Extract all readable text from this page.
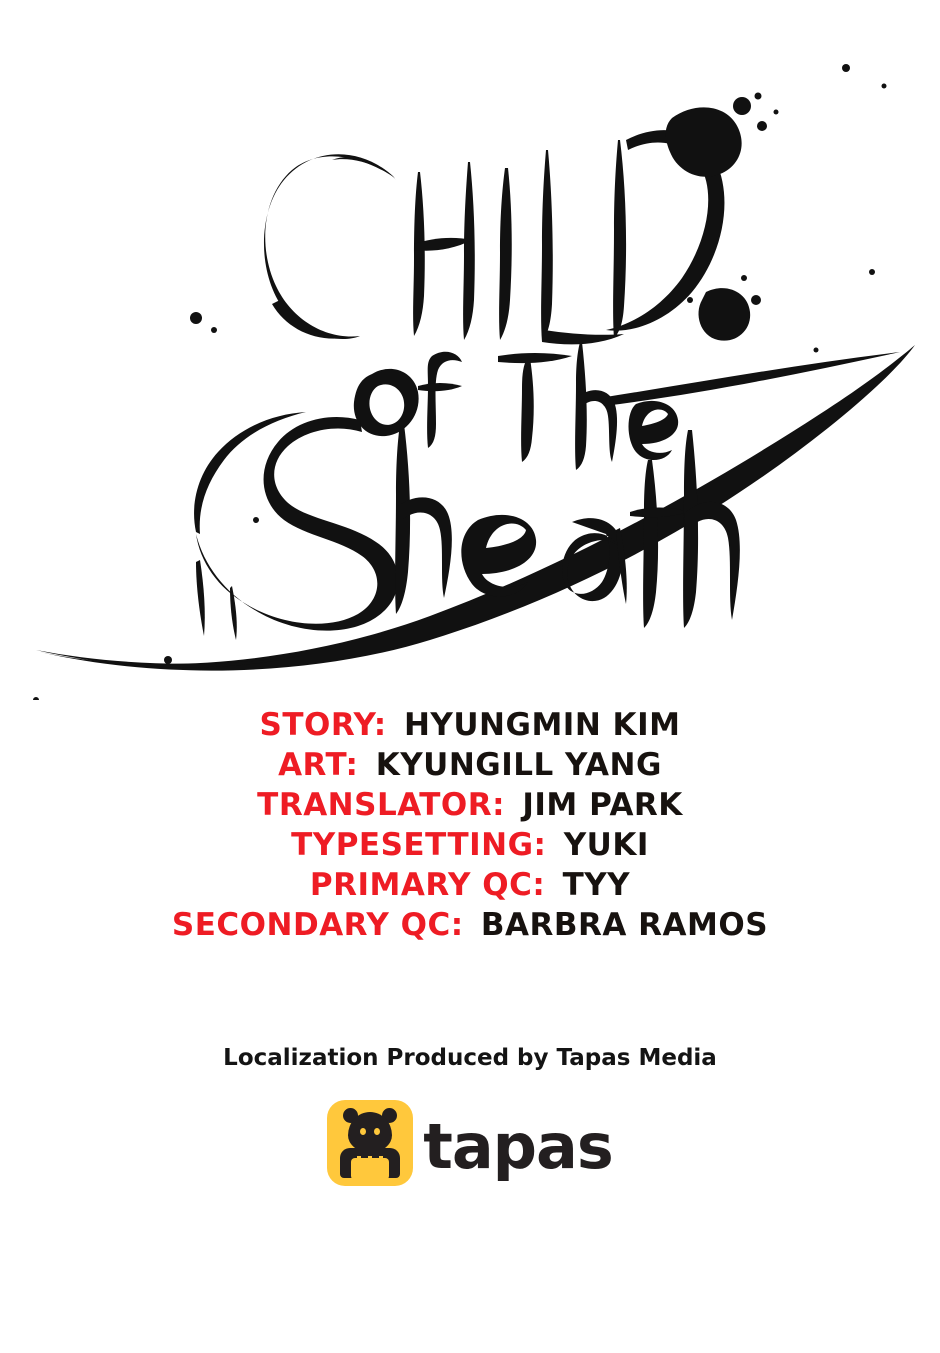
STORY: HYUNGMIN KIM
ART: KYUNGILL YANG
TRANSLATOR: JIM PARK
TYPESETTING: YUKI
PRIMARY QC: TYY
SECONDARY QC: BARBRA RAMOS
Localization Produced by Tapas Media
tapas
